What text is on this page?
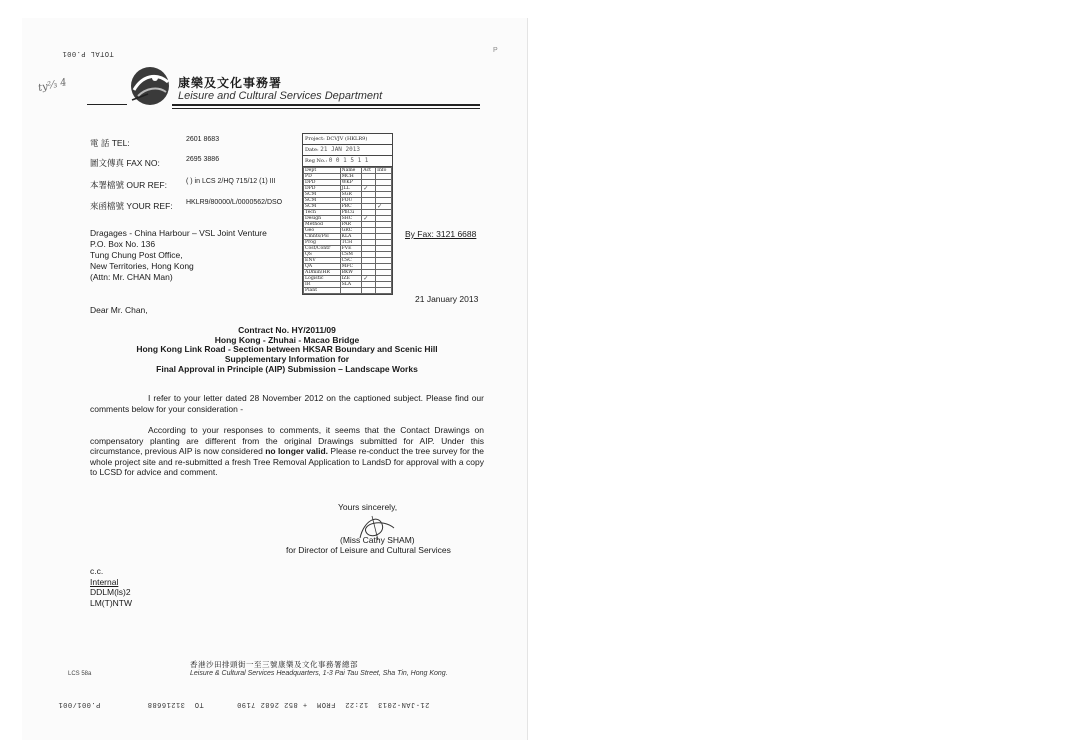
TOTAL P.001	P
ty⅔ 4	康樂及文化事務署
Leisure and Cultural Services Department
電 話 TEL:	2601 8683
圖文傳真 FAX NO:	2695 3886
本署檔號 OUR REF:	( ) in LCS 2/HQ 715/12 (1) III
來函檔號 YOUR REF: HKLR9/80000/L/0000562/DSO
Project: DCVJV (HKLR9)
Date: 21 JAN 2013
Reg No.: 0 0 1 5 1 1
Dept	Name	Act	Info
PD	MCH		
DPD	WKP		
DPD	JLL	✓	
SCM	SGR		
SCM	FOU		
SCM	PBC		✓
Tech	PhCu		
Design	SHC	✓	
Method	PAR		
Geo	GRC		
Cmnts/Pol	KLA		
Prog	TCH		
Cost/Contr	FVE		
QS	CSM		
ENV	CSC		
QA	MFC		
ADmin/HR	BKW		
Logistic	IZE	✓	
IR	SLA		
Plant			
Dragages - China Harbour – VSL Joint Venture
P.O. Box No. 136
Tung Chung Post Office,
New Territories, Hong Kong
(Attn: Mr. CHAN Man)
By Fax: 3121 6688
21 January 2013
Dear Mr. Chan,
Contract No. HY/2011/09
Hong Kong - Zhuhai - Macao Bridge
Hong Kong Link Road - Section between HKSAR Boundary and Scenic Hill
Supplementary Information for
Final Approval in Principle (AIP) Submission – Landscape Works
I refer to your letter dated 28 November 2012 on the captioned subject. Please find our comments below for your consideration -
According to your responses to comments, it seems that the Contact Drawings on compensatory planting are different from the original Drawings submitted for AIP. Under this circumstance, previous AIP is now considered no longer valid. Please re-conduct the tree survey for the whole project site and re-submitted a fresh Tree Removal Application to LandsD for approval with a copy to LCSD for advice and comment.
Yours sincerely,
(Miss Cathy SHAM)
for Director of Leisure and Cultural Services
c.c.
Internal
DDLM(ls)2
LM(T)NTW
LCS 58a
香港沙田排頭街一至三號康樂及文化事務署總部
Leisure & Cultural Services Headquarters, 1-3 Pai Tau Street, Sha Tin, Hong Kong.
21-JAN-2013  12:22  FROM  + 852 2682 7190       TO  31216688          P.001/001
